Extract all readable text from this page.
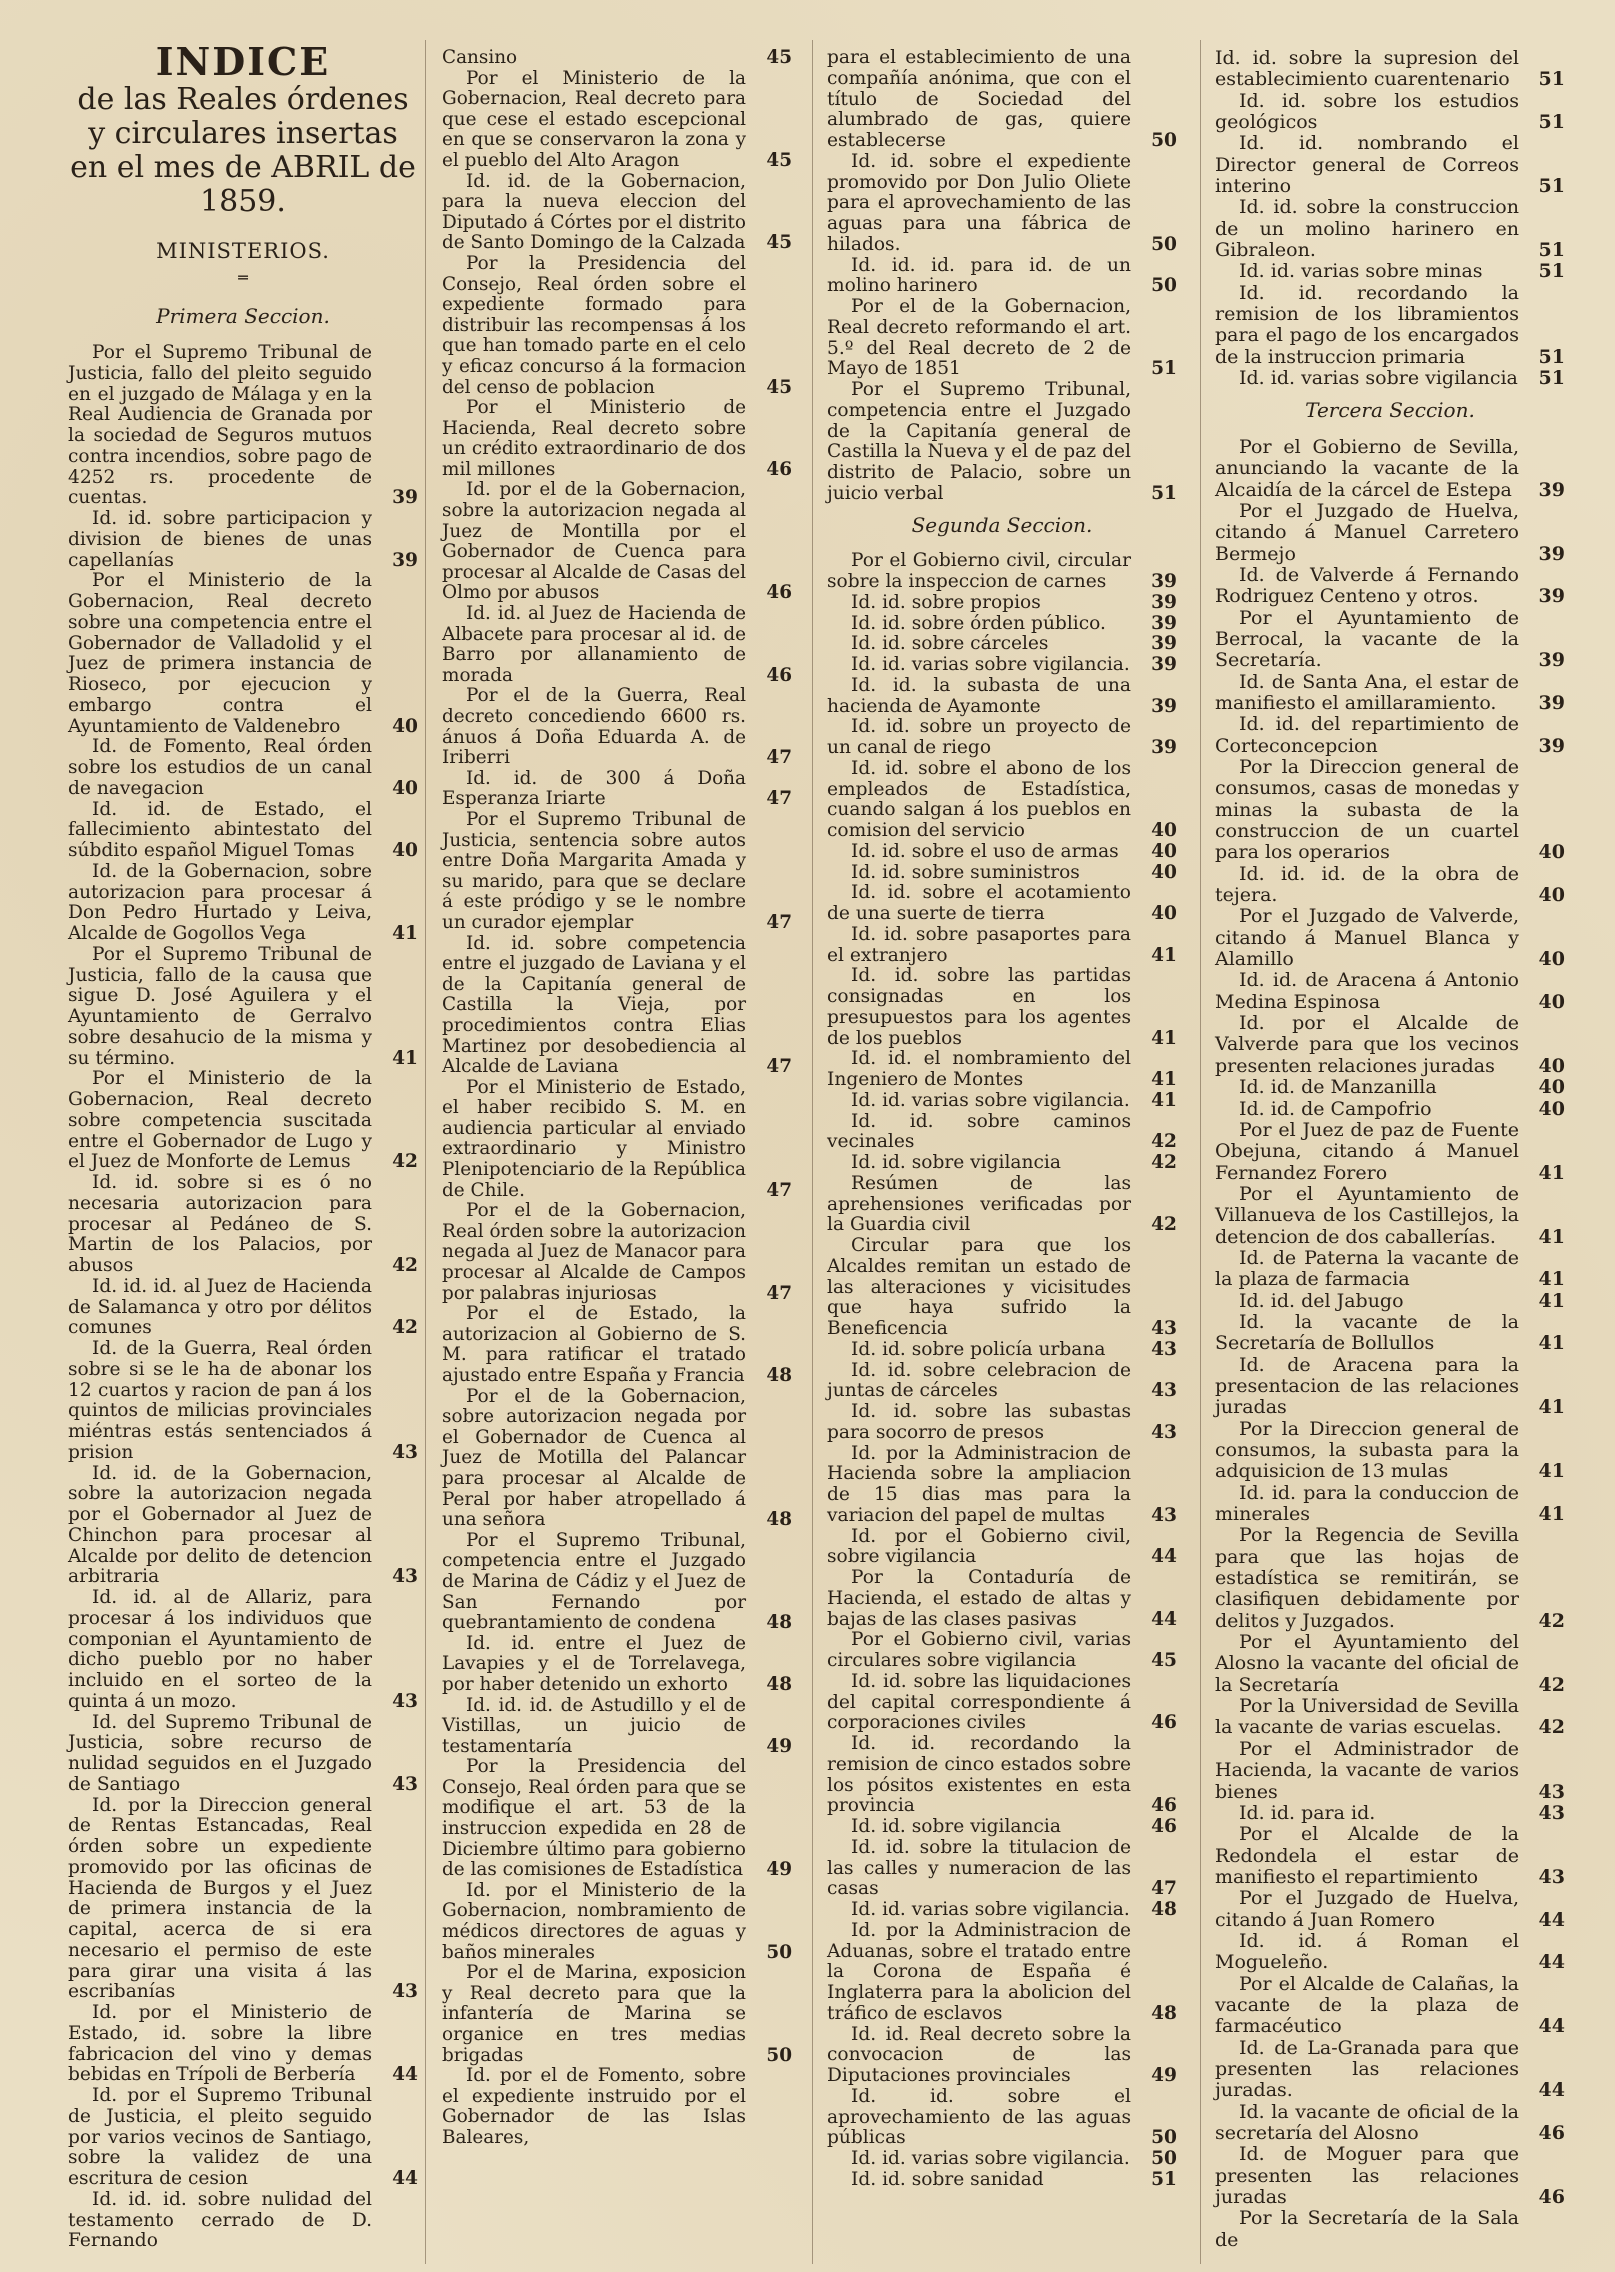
INDICE
de las Reales órdenes y circulares insertas en el mes de ABRIL de 1859.
MINISTERIOS.
═
Primera Seccion.
Por el Supremo Tribunal de Justicia, fallo del pleito seguido en el juzgado de Málaga y en la Real Audiencia de Granada por la sociedad de Seguros mutuos contra incendios, sobre pago de 4252 rs. procedente de cuentas.	39
Id. id. sobre participacion y division de bienes de unas capellanías	39
Por el Ministerio de la Gobernacion, Real decreto sobre una competencia entre el Gobernador de Valladolid y el Juez de primera instancia de Rioseco, por ejecucion y embargo contra el Ayuntamiento de Valdenebro	40
Id. de Fomento, Real órden sobre los estudios de un canal de navegacion	40
Id. id. de Estado, el fallecimiento abintestato del súbdito español Miguel Tomas	40
Id. de la Gobernacion, sobre autorizacion para procesar á Don Pedro Hurtado y Leiva, Alcalde de Gogollos Vega	41
Por el Supremo Tribunal de Justicia, fallo de la causa que sigue D. José Aguilera y el Ayuntamiento de Gerralvo sobre desahucio de la misma y su término.	41
Por el Ministerio de la Gobernacion, Real decreto sobre competencia suscitada entre el Gobernador de Lugo y el Juez de Monforte de Lemus	42
Id. id. sobre si es ó no necesaria autorizacion para procesar al Pedáneo de S. Martin de los Palacios, por abusos	42
Id. id. id. al Juez de Hacienda de Salamanca y otro por délitos comunes	42
Id. de la Guerra, Real órden sobre si se le ha de abonar los 12 cuartos y racion de pan á los quintos de milicias provinciales miéntras estás sentenciados á prision	43
Id. id. de la Gobernacion, sobre la autorizacion negada por el Gobernador al Juez de Chinchon para procesar al Alcalde por delito de detencion arbitraria	43
Id. id. al de Allariz, para procesar á los individuos que componian el Ayuntamiento de dicho pueblo por no haber incluido en el sorteo de la quinta á un mozo.	43
Id. del Supremo Tribunal de Justicia, sobre recurso de nulidad seguidos en el Juzgado de Santiago	43
Id. por la Direccion general de Rentas Estancadas, Real órden sobre un expediente promovido por las oficinas de Hacienda de Burgos y el Juez de primera instancia de la capital, acerca de si era necesario el permiso de este para girar una visita á las escribanías	43
Id. por el Ministerio de Estado, id. sobre la libre fabricacion del vino y demas bebidas en Trípoli de Berbería	44
Id. por el Supremo Tribunal de Justicia, el pleito seguido por varios vecinos de Santiago, sobre la validez de una escritura de cesion	44
Id. id. id. sobre nulidad del testamento cerrado de D. Fernando
Cansino	45
Por el Ministerio de la Gobernacion, Real decreto para que cese el estado escepcional en que se conservaron la zona y el pueblo del Alto Aragon	45
Id. id. de la Gobernacion, para la nueva eleccion del Diputado á Córtes por el distrito de Santo Domingo de la Calzada	45
Por la Presidencia del Consejo, Real órden sobre el expediente formado para distribuir las recompensas á los que han tomado parte en el celo y eficaz concurso á la formacion del censo de poblacion	45
Por el Ministerio de Hacienda, Real decreto sobre un crédito extraordinario de dos mil millones	46
Id. por el de la Gobernacion, sobre la autorizacion negada al Juez de Montilla por el Gobernador de Cuenca para procesar al Alcalde de Casas del Olmo por abusos	46
Id. id. al Juez de Hacienda de Albacete para procesar al id. de Barro por allanamiento de morada	46
Por el de la Guerra, Real decreto concediendo 6600 rs. ánuos á Doña Eduarda A. de Iriberri	47
Id. id. de 300 á Doña Esperanza Iriarte	47
Por el Supremo Tribunal de Justicia, sentencia sobre autos entre Doña Margarita Amada y su marido, para que se declare á este pródigo y se le nombre un curador ejemplar	47
Id. id. sobre competencia entre el juzgado de Laviana y el de la Capitanía general de Castilla la Vieja, por procedimientos contra Elias Martinez por desobediencia al Alcalde de Laviana	47
Por el Ministerio de Estado, el haber recibido S. M. en audiencia particular al enviado extraordinario y Ministro Plenipotenciario de la República de Chile.	47
Por el de la Gobernacion, Real órden sobre la autorizacion negada al Juez de Manacor para procesar al Alcalde de Campos por palabras injuriosas	47
Por el de Estado, la autorizacion al Gobierno de S. M. para ratificar el tratado ajustado entre España y Francia	48
Por el de la Gobernacion, sobre autorizacion negada por el Gobernador de Cuenca al Juez de Motilla del Palancar para procesar al Alcalde de Peral por haber atropellado á una señora	48
Por el Supremo Tribunal, competencia entre el Juzgado de Marina de Cádiz y el Juez de San Fernando por quebrantamiento de condena	48
Id. id. entre el Juez de Lavapies y el de Torrelavega, por haber detenido un exhorto	48
Id. id. id. de Astudillo y el de Vistillas, un juicio de testamentaría	49
Por la Presidencia del Consejo, Real órden para que se modifique el art. 53 de la instruccion expedida en 28 de Diciembre último para gobierno de las comisiones de Estadística	49
Id. por el Ministerio de la Gobernacion, nombramiento de médicos directores de aguas y baños minerales	50
Por el de Marina, exposicion y Real decreto para que la infantería de Marina se organice en tres medias brigadas	50
Id. por el de Fomento, sobre el expediente instruido por el Gobernador de las Islas Baleares,
para el establecimiento de una compañía anónima, que con el título de Sociedad del alumbrado de gas, quiere establecerse	50
Id. id. sobre el expediente promovido por Don Julio Oliete para el aprovechamiento de las aguas para una fábrica de hilados.	50
Id. id. id. para id. de un molino harinero	50
Por el de la Gobernacion, Real decreto reformando el art. 5.º del Real decreto de 2 de Mayo de 1851	51
Por el Supremo Tribunal, competencia entre el Juzgado de la Capitanía general de Castilla la Nueva y el de paz del distrito de Palacio, sobre un juicio verbal	51
Segunda Seccion.
Por el Gobierno civil, circular sobre la inspeccion de carnes	39
Id. id. sobre propios	39
Id. id. sobre órden público.	39
Id. id. sobre cárceles	39
Id. id. varias sobre vigilancia.	39
Id. id. la subasta de una hacienda de Ayamonte	39
Id. id. sobre un proyecto de un canal de riego	39
Id. id. sobre el abono de los empleados de Estadística, cuando salgan á los pueblos en comision del servicio	40
Id. id. sobre el uso de armas	40
Id. id. sobre suministros	40
Id. id. sobre el acotamiento de una suerte de tierra	40
Id. id. sobre pasaportes para el extranjero	41
Id. id. sobre las partidas consignadas en los presupuestos para los agentes de los pueblos	41
Id. id. el nombramiento del Ingeniero de Montes	41
Id. id. varias sobre vigilancia.	41
Id. id. sobre caminos vecinales	42
Id. id. sobre vigilancia	42
Resúmen de las aprehensiones verificadas por la Guardia civil	42
Circular para que los Alcaldes remitan un estado de las alteraciones y vicisitudes que haya sufrido la Beneficencia	43
Id. id. sobre policía urbana	43
Id. id. sobre celebracion de juntas de cárceles	43
Id. id. sobre las subastas para socorro de presos	43
Id. por la Administracion de Hacienda sobre la ampliacion de 15 dias mas para la variacion del papel de multas	43
Id. por el Gobierno civil, sobre vigilancia	44
Por la Contaduría de Hacienda, el estado de altas y bajas de las clases pasivas	44
Por el Gobierno civil, varias circulares sobre vigilancia	45
Id. id. sobre las liquidaciones del capital correspondiente á corporaciones civiles	46
Id. id. recordando la remision de cinco estados sobre los pósitos existentes en esta provincia	46
Id. id. sobre vigilancia	46
Id. id. sobre la titulacion de las calles y numeracion de las casas	47
Id. id. varias sobre vigilancia.	48
Id. por la Administracion de Aduanas, sobre el tratado entre la Corona de España é Inglaterra para la abolicion del tráfico de esclavos	48
Id. id. Real decreto sobre la convocacion de las Diputaciones provinciales	49
Id. id. sobre el aprovechamiento de las aguas públicas	50
Id. id. varias sobre vigilancia.	50
Id. id. sobre sanidad	51
Id. id. sobre la supresion del establecimiento cuarentenario	51
Id. id. sobre los estudios geológicos	51
Id. id. nombrando el Director general de Correos interino	51
Id. id. sobre la construccion de un molino harinero en Gibraleon.	51
Id. id. varias sobre minas	51
Id. id. recordando la remision de los libramientos para el pago de los encargados de la instruccion primaria	51
Id. id. varias sobre vigilancia	51
Tercera Seccion.
Por el Gobierno de Sevilla, anunciando la vacante de la Alcaidía de la cárcel de Estepa	39
Por el Juzgado de Huelva, citando á Manuel Carretero Bermejo	39
Id. de Valverde á Fernando Rodriguez Centeno y otros.	39
Por el Ayuntamiento de Berrocal, la vacante de la Secretaría.	39
Id. de Santa Ana, el estar de manifiesto el amillaramiento.	39
Id. id. del repartimiento de Corteconcepcion	39
Por la Direccion general de consumos, casas de monedas y minas la subasta de la construccion de un cuartel para los operarios	40
Id. id. id. de la obra de tejera.	40
Por el Juzgado de Valverde, citando á Manuel Blanca y Alamillo	40
Id. id. de Aracena á Antonio Medina Espinosa	40
Id. por el Alcalde de Valverde para que los vecinos presenten relaciones juradas	40
Id. id. de Manzanilla	40
Id. id. de Campofrio	40
Por el Juez de paz de Fuente Obejuna, citando á Manuel Fernandez Forero	41
Por el Ayuntamiento de Villanueva de los Castillejos, la detencion de dos caballerías.	41
Id. de Paterna la vacante de la plaza de farmacia	41
Id. id. del Jabugo	41
Id. la vacante de la Secretaría de Bollullos	41
Id. de Aracena para la presentacion de las relaciones juradas	41
Por la Direccion general de consumos, la subasta para la adquisicion de 13 mulas	41
Id. id. para la conduccion de minerales	41
Por la Regencia de Sevilla para que las hojas de estadística se remitirán, se clasifiquen debidamente por delitos y Juzgados.	42
Por el Ayuntamiento del Alosno la vacante del oficial de la Secretaría	42
Por la Universidad de Sevilla la vacante de varias escuelas.	42
Por el Administrador de Hacienda, la vacante de varios bienes	43
Id. id. para id.	43
Por el Alcalde de la Redondela el estar de manifiesto el repartimiento	43
Por el Juzgado de Huelva, citando á Juan Romero	44
Id. id. á Roman el Mogueleño.	44
Por el Alcalde de Calañas, la vacante de la plaza de farmacéutico	44
Id. de La-Granada para que presenten las relaciones juradas.	44
Id. la vacante de oficial de la secretaría del Alosno	46
Id. de Moguer para que presenten las relaciones juradas	46
Por la Secretaría de la Sala de
